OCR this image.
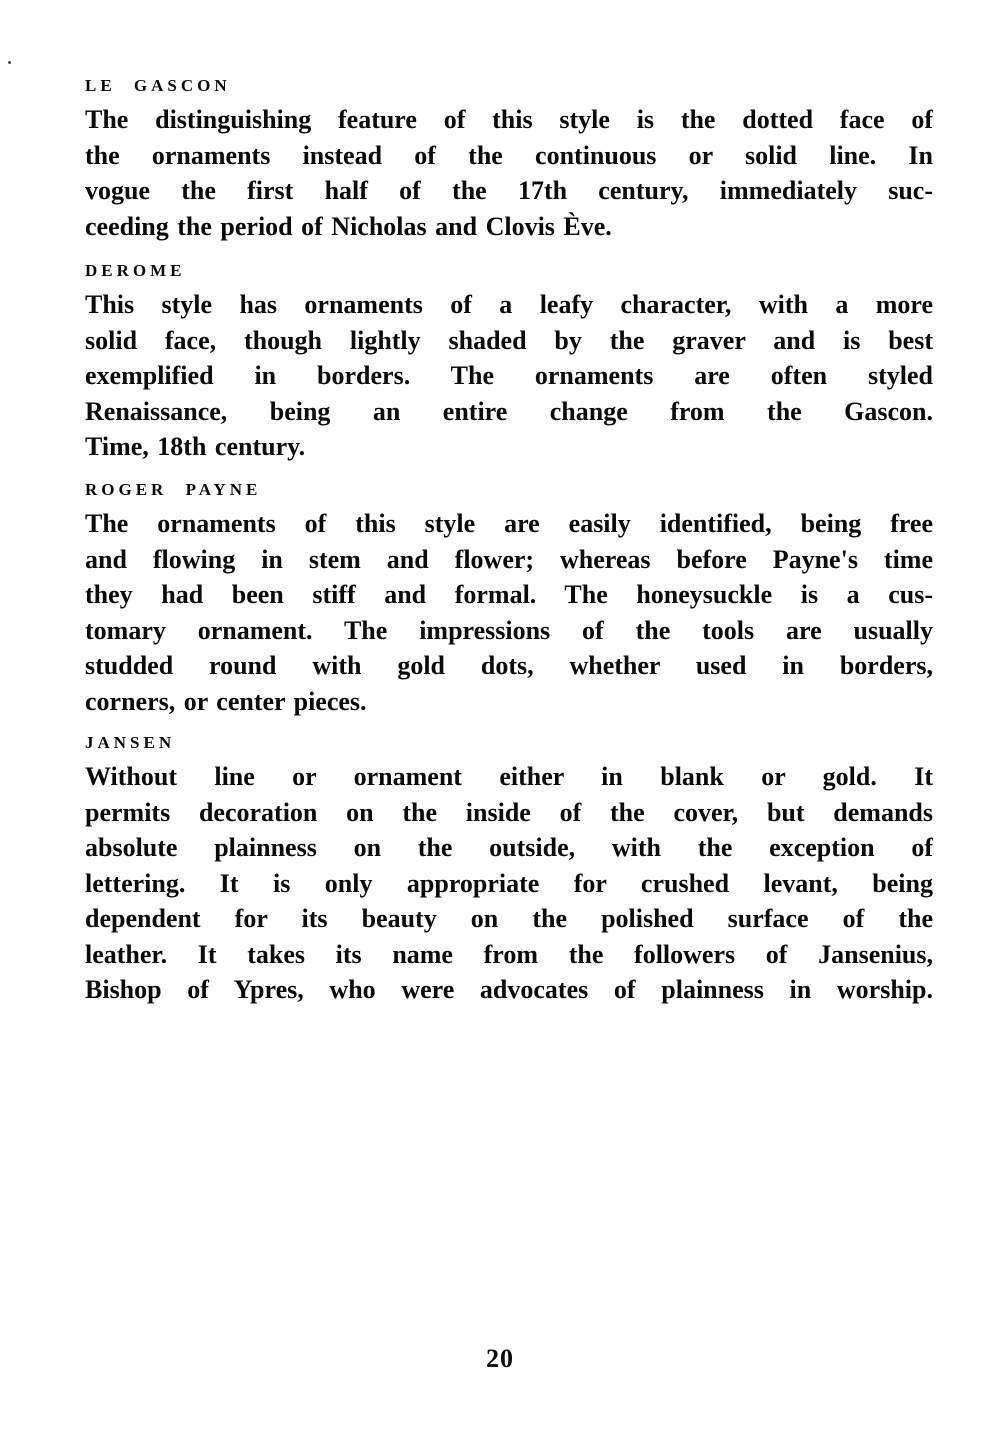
LE GASCON
The distinguishing feature of this style is the dotted face of
the ornaments instead of the continuous or solid line. In
vogue the first half of the 17th century, immediately suc-
ceeding the period of Nicholas and Clovis Ève.
DEROME
This style has ornaments of a leafy character, with a more
solid face, though lightly shaded by the graver and is best
exemplified in borders. The ornaments are often styled
Renaissance, being an entire change from the Gascon.
Time, 18th century.
ROGER PAYNE
The ornaments of this style are easily identified, being free
and flowing in stem and flower; whereas before Payne's time
they had been stiff and formal. The honeysuckle is a cus-
tomary ornament. The impressions of the tools are usually
studded round with gold dots, whether used in borders,
corners, or center pieces.
JANSEN
Without line or ornament either in blank or gold. It
permits decoration on the inside of the cover, but demands
absolute plainness on the outside, with the exception of
lettering. It is only appropriate for crushed levant, being
dependent for its beauty on the polished surface of the
leather. It takes its name from the followers of Jansenius,
Bishop of Ypres, who were advocates of plainness in worship.
20
